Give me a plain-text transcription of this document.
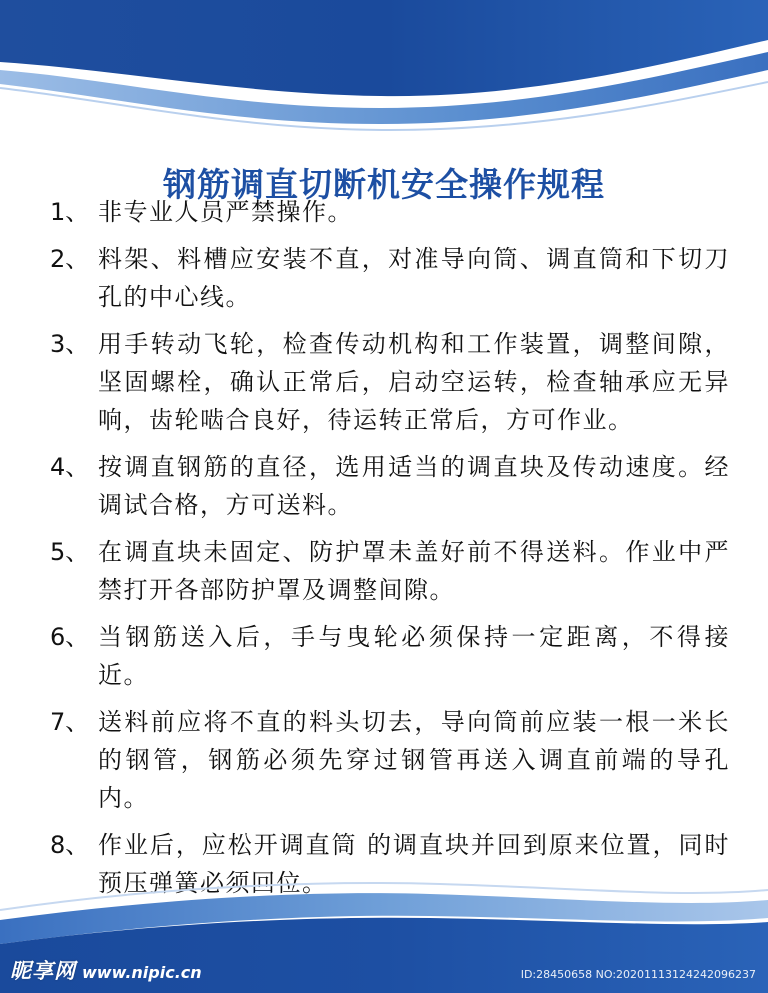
钢筋调直切断机安全操作规程
1、 非专业人员严禁操作。
2、 料架、料槽应安装不直，对准导向筒、调直筒和下切刀孔的中心线。
3、 用手转动飞轮，检查传动机构和工作装置，调整间隙，坚固螺栓，确认正常后，启动空运转，检查轴承应无异响，齿轮啮合良好，待运转正常后，方可作业。
4、 按调直钢筋的直径，选用适当的调直块及传动速度。经调试合格，方可送料。
5、 在调直块未固定、防护罩未盖好前不得送料。作业中严禁打开各部防护罩及调整间隙。
6、 当钢筋送入后，手与曳轮必须保持一定距离，不得接近。
7、 送料前应将不直的料头切去，导向筒前应装一根一米长的钢管，钢筋必须先穿过钢管再送入调直前端的导孔内。
8、 作业后，应松开调直筒 的调直块并回到原来位置，同时预压弹簧必须回位。
昵享网 www.nipic.cn	ID:28450658 NO:20201113124242096237
